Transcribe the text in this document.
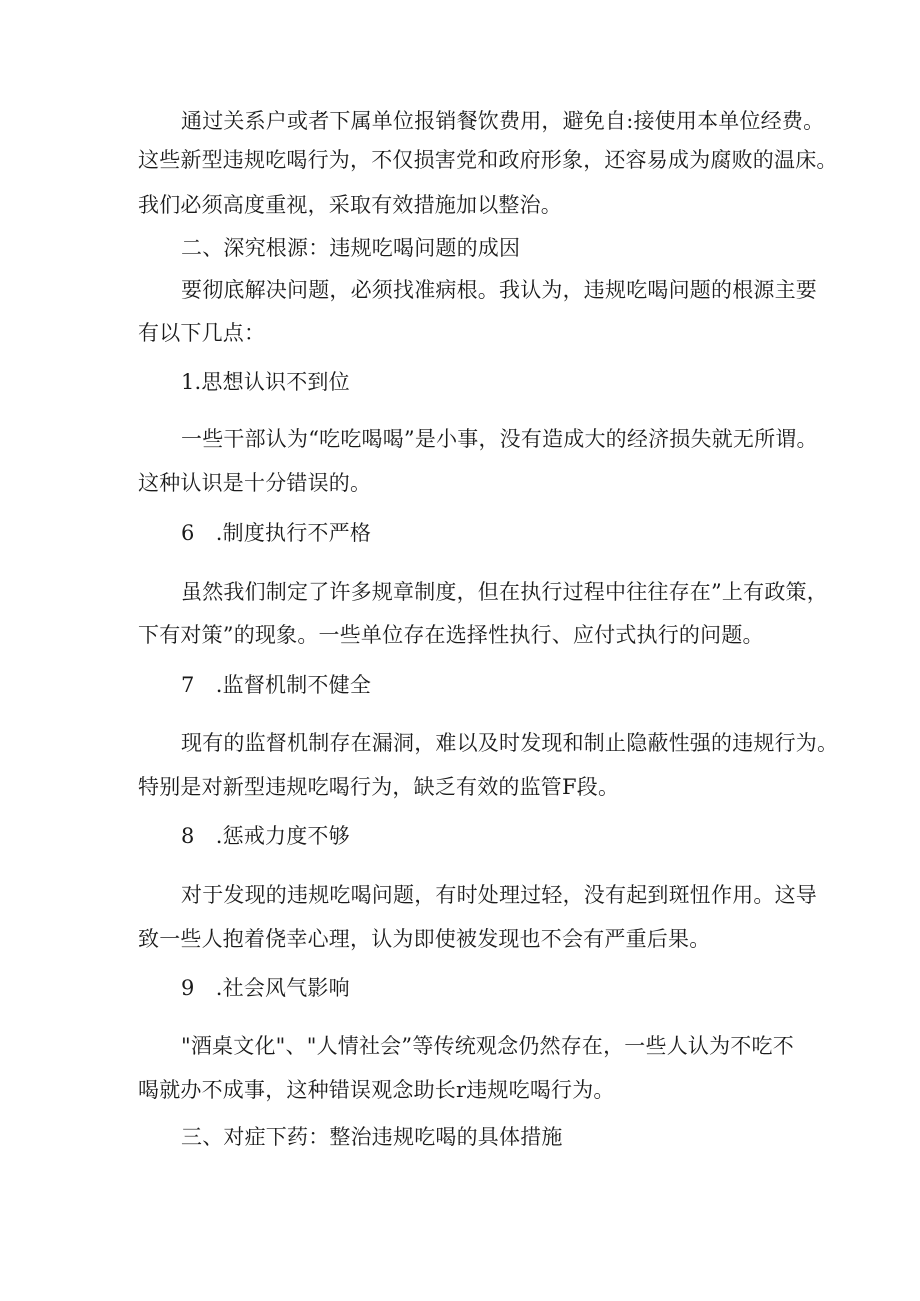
通过关系户或者下属单位报销餐饮费用，避免自:接使用本单位经费。
这些新型违规吃喝行为，不仅损害党和政府形象，还容易成为腐败的温床。
我们必须高度重视，采取有效措施加以整治。
二、深究根源：违规吃喝问题的成因
要彻底解决问题，必须找准病根。我认为，违规吃喝问题的根源主要
有以下几点：
1.思想认识不到位
一些干部认为“吃吃喝喝”是小事，没有造成大的经济损失就无所谓。
这种认识是十分错误的。
6 .制度执行不严格
虽然我们制定了许多规章制度，但在执行过程中往往存在”上有政策，
下有对策”的现象。一些单位存在选择性执行、应付式执行的问题。
7 .监督机制不健全
现有的监督机制存在漏洞，难以及时发现和制止隐蔽性强的违规行为。
特别是对新型违规吃喝行为，缺乏有效的监管F段。
8 .惩戒力度不够
对于发现的违规吃喝问题，有时处理过轻，没有起到斑忸作用。这导
致一些人抱着侥幸心理，认为即使被发现也不会有严重后果。
9 .社会风气影响
"酒桌文化"、"人情社会”等传统观念仍然存在，一些人认为不吃不
喝就办不成事，这种错误观念助长r违规吃喝行为。
三、对症下药：整治违规吃喝的具体措施
